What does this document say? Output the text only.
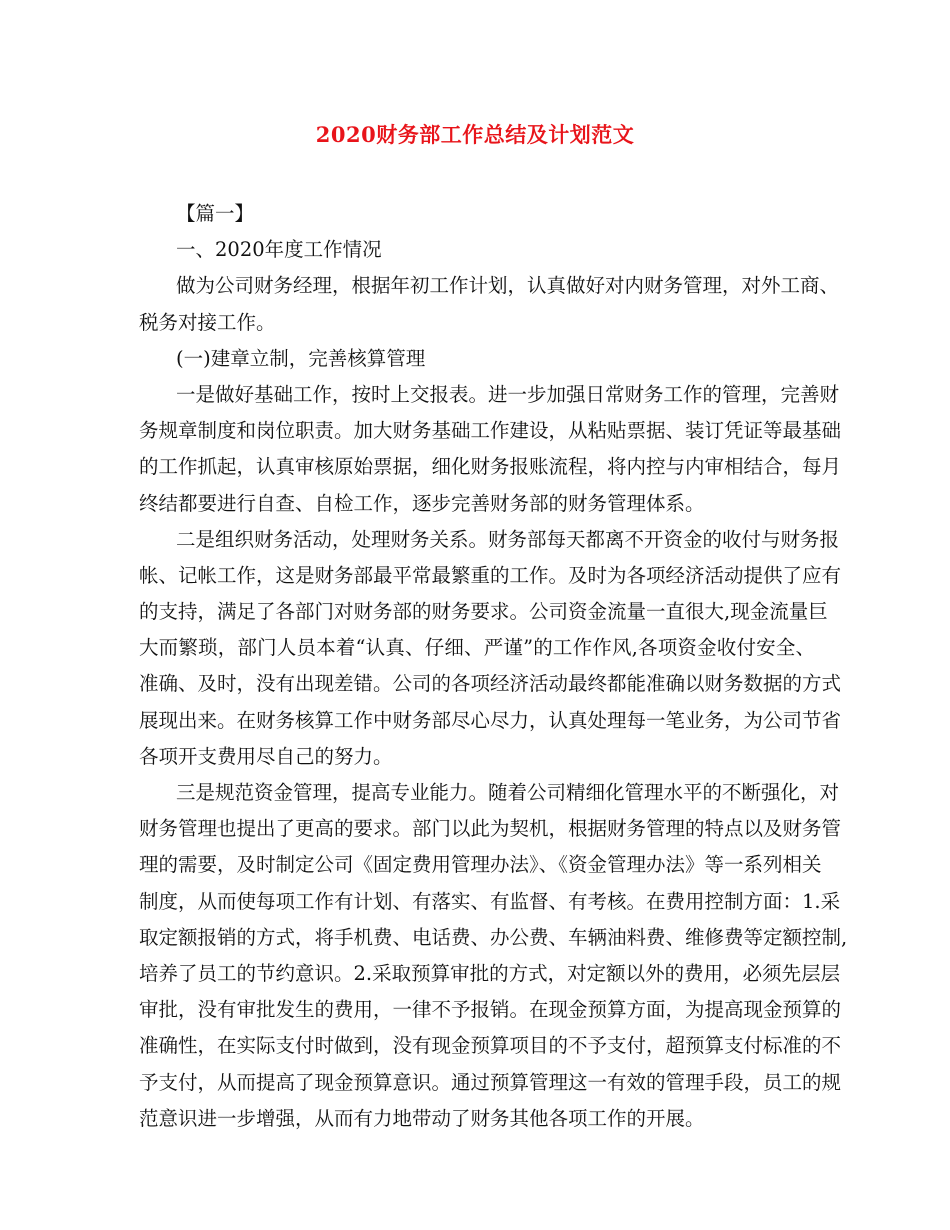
2020财务部工作总结及计划范文
【篇一】
一、2020年度工作情况
做为公司财务经理，根据年初工作计划，认真做好对内财务管理，对外工商、
税务对接工作。
(一)建章立制，完善核算管理
一是做好基础工作，按时上交报表。进一步加强日常财务工作的管理，完善财
务规章制度和岗位职责。加大财务基础工作建设，从粘贴票据、装订凭证等最基础
的工作抓起，认真审核原始票据，细化财务报账流程，将内控与内审相结合，每月
终结都要进行自查、自检工作，逐步完善财务部的财务管理体系。
二是组织财务活动，处理财务关系。财务部每天都离不开资金的收付与财务报
帐、记帐工作，这是财务部最平常最繁重的工作。及时为各项经济活动提供了应有
的支持，满足了各部门对财务部的财务要求。公司资金流量一直很大,现金流量巨
大而繁琐，部门人员本着“认真、仔细、严谨”的工作作风,各项资金收付安全、
准确、及时，没有出现差错。公司的各项经济活动最终都能准确以财务数据的方式
展现出来。在财务核算工作中财务部尽心尽力，认真处理每一笔业务，为公司节省
各项开支费用尽自己的努力。
三是规范资金管理，提高专业能力。随着公司精细化管理水平的不断强化，对
财务管理也提出了更高的要求。部门以此为契机，根据财务管理的特点以及财务管
理的需要，及时制定公司《固定费用管理办法》、《资金管理办法》等一系列相关
制度，从而使每项工作有计划、有落实、有监督、有考核。在费用控制方面：1.采
取定额报销的方式，将手机费、电话费、办公费、车辆油料费、维修费等定额控制,
培养了员工的节约意识。2.采取预算审批的方式，对定额以外的费用，必须先层层
审批，没有审批发生的费用，一律不予报销。在现金预算方面，为提高现金预算的
准确性，在实际支付时做到，没有现金预算项目的不予支付，超预算支付标准的不
予支付，从而提高了现金预算意识。通过预算管理这一有效的管理手段，员工的规
范意识进一步增强，从而有力地带动了财务其他各项工作的开展。
